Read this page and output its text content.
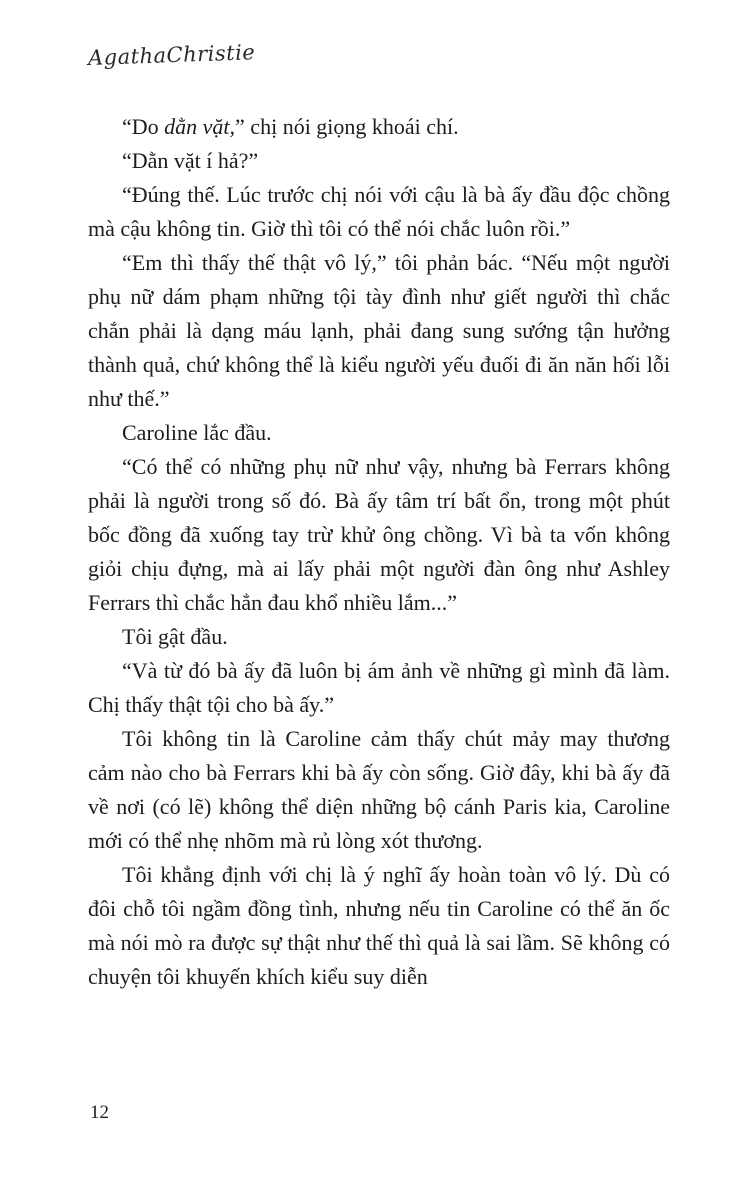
AgathaChristie

“Do dằn vặt,” chị nói giọng khoái chí.

“Dằn vặt í hả?”

“Đúng thế. Lúc trước chị nói với cậu là bà ấy đầu độc chồng mà cậu không tin. Giờ thì tôi có thể nói chắc luôn rồi.”

“Em thì thấy thế thật vô lý,” tôi phản bác. “Nếu một người phụ nữ dám phạm những tội tày đình như giết người thì chắc chắn phải là dạng máu lạnh, phải đang sung sướng tận hưởng thành quả, chứ không thể là kiểu người yếu đuối đi ăn năn hối lỗi như thế.”

Caroline lắc đầu.

“Có thể có những phụ nữ như vậy, nhưng bà Ferrars không phải là người trong số đó. Bà ấy tâm trí bất ổn, trong một phút bốc đồng đã xuống tay trừ khử ông chồng. Vì bà ta vốn không giỏi chịu đựng, mà ai lấy phải một người đàn ông như Ashley Ferrars thì chắc hẳn đau khổ nhiều lắm...”

Tôi gật đầu.

“Và từ đó bà ấy đã luôn bị ám ảnh về những gì mình đã làm. Chị thấy thật tội cho bà ấy.”

Tôi không tin là Caroline cảm thấy chút mảy may thương cảm nào cho bà Ferrars khi bà ấy còn sống. Giờ đây, khi bà ấy đã về nơi (có lẽ) không thể diện những bộ cánh Paris kia, Caroline mới có thể nhẹ nhõm mà rủ lòng xót thương.

Tôi khẳng định với chị là ý nghĩ ấy hoàn toàn vô lý. Dù có đôi chỗ tôi ngầm đồng tình, nhưng nếu tin Caroline có thể ăn ốc mà nói mò ra được sự thật như thế thì quả là sai lầm. Sẽ không có chuyện tôi khuyến khích kiểu suy diễn

12
